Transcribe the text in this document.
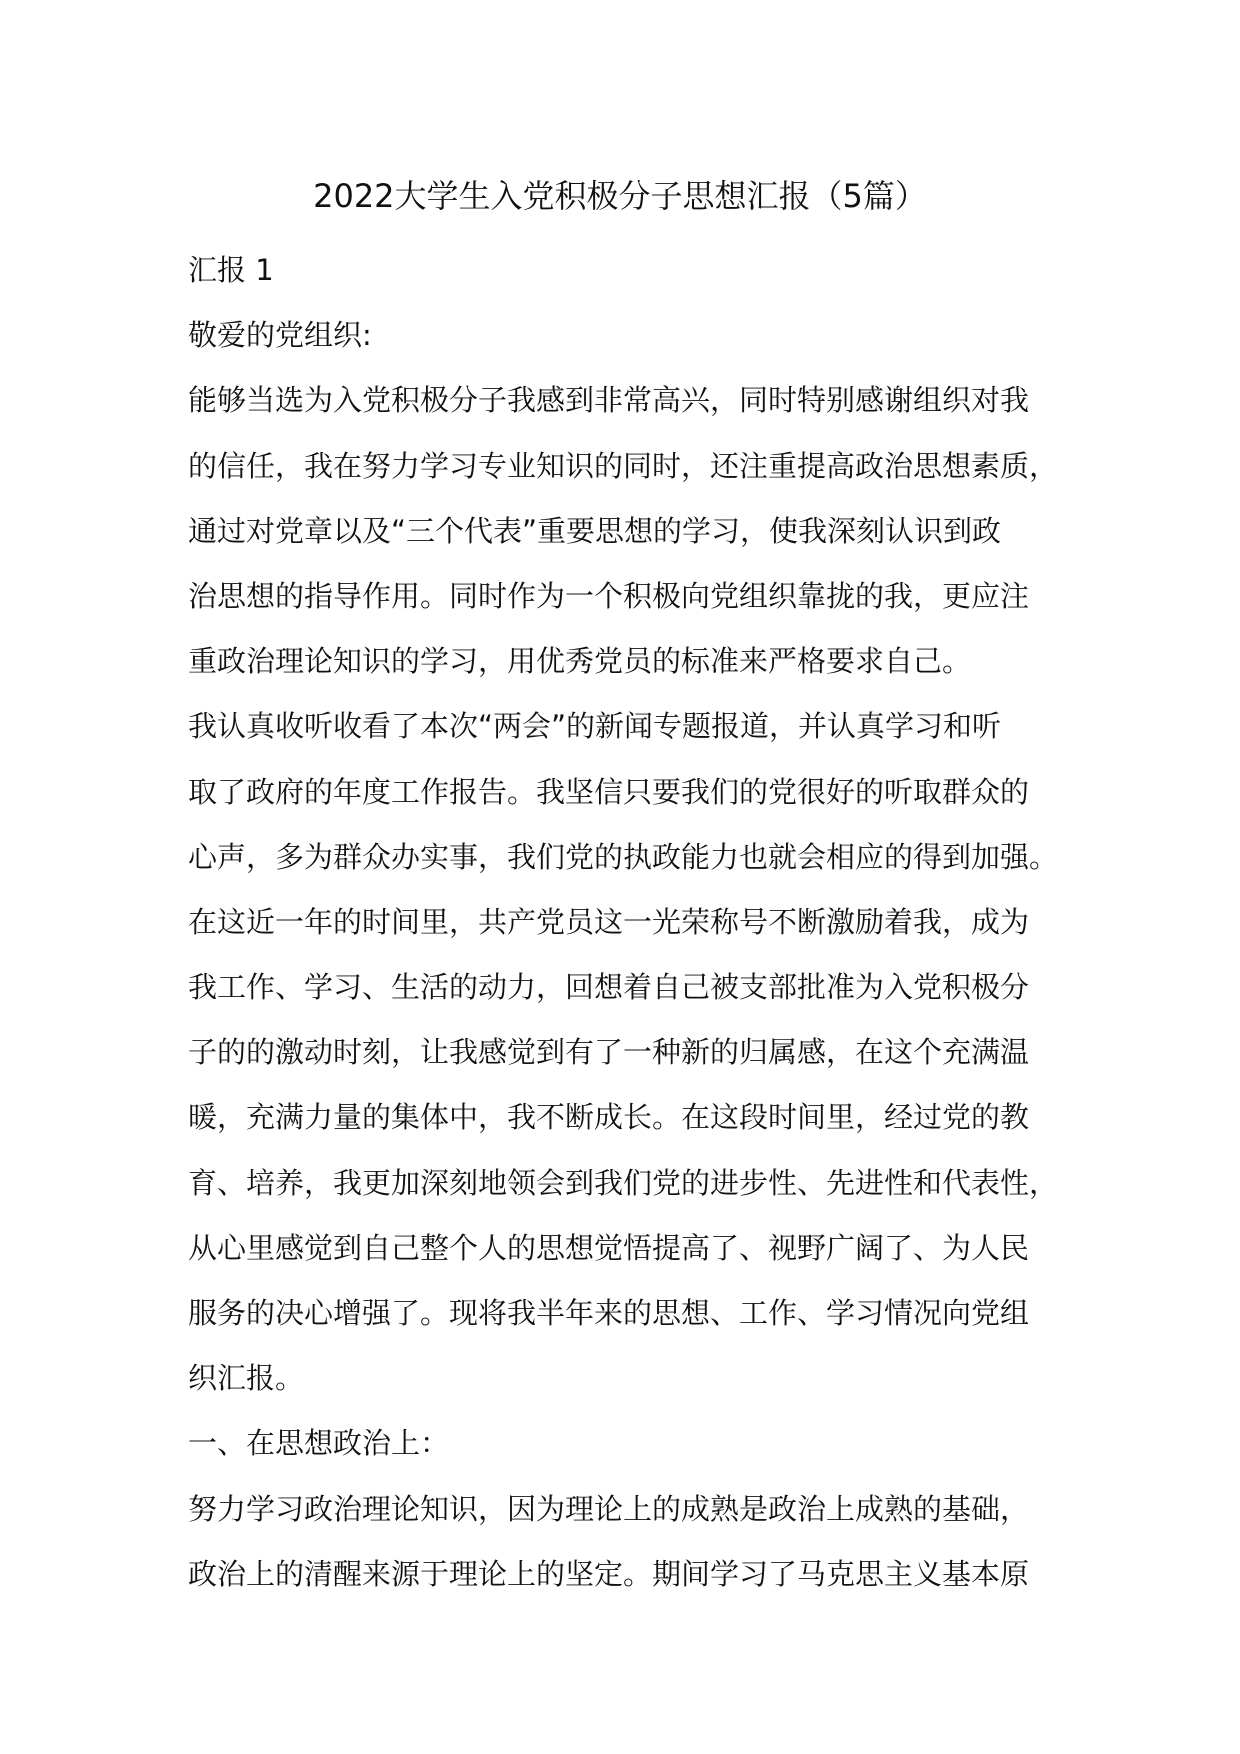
2022大学生入党积极分子思想汇报（5篇）
汇报 1
敬爱的党组织:
能够当选为入党积极分子我感到非常高兴，同时特别感谢组织对我
的信任，我在努力学习专业知识的同时，还注重提高政治思想素质，
通过对党章以及“三个代表”重要思想的学习，使我深刻认识到政
治思想的指导作用。同时作为一个积极向党组织靠拢的我，更应注
重政治理论知识的学习，用优秀党员的标准来严格要求自己。
我认真收听收看了本次“两会”的新闻专题报道，并认真学习和听
取了政府的年度工作报告。我坚信只要我们的党很好的听取群众的
心声，多为群众办实事，我们党的执政能力也就会相应的得到加强。
在这近一年的时间里，共产党员这一光荣称号不断激励着我，成为
我工作、学习、生活的动力，回想着自己被支部批准为入党积极分
子的的激动时刻，让我感觉到有了一种新的归属感，在这个充满温
暖，充满力量的集体中，我不断成长。在这段时间里，经过党的教
育、培养，我更加深刻地领会到我们党的进步性、先进性和代表性，
从心里感觉到自己整个人的思想觉悟提高了、视野广阔了、为人民
服务的决心增强了。现将我半年来的思想、工作、学习情况向党组
织汇报。
一、在思想政治上：
努力学习政治理论知识，因为理论上的成熟是政治上成熟的基础，
政治上的清醒来源于理论上的坚定。期间学习了马克思主义基本原
